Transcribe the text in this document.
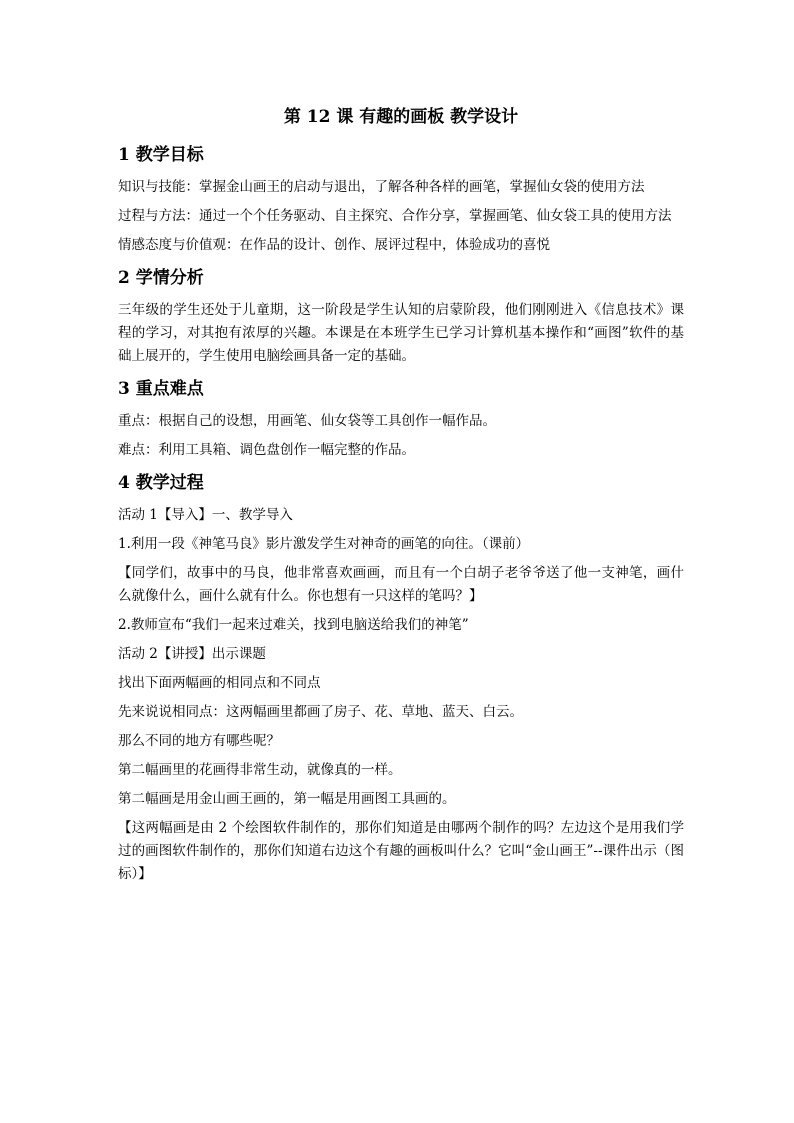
第 12 课 有趣的画板 教学设计
1 教学目标

知识与技能：掌握金山画王的启动与退出，了解各种各样的画笔，掌握仙女袋的使用方法

过程与方法：通过一个个任务驱动、自主探究、合作分享，掌握画笔、仙女袋工具的使用方法

情感态度与价值观：在作品的设计、创作、展评过程中，体验成功的喜悦

2 学情分析

三年级的学生还处于儿童期，这一阶段是学生认知的启蒙阶段，他们刚刚进入《信息技术》课程的学习，对其抱有浓厚的兴趣。本课是在本班学生已学习计算机基本操作和“画图”软件的基础上展开的，学生使用电脑绘画具备一定的基础。

3 重点难点

重点：根据自己的设想，用画笔、仙女袋等工具创作一幅作品。

难点：利用工具箱、调色盘创作一幅完整的作品。

4 教学过程

活动 1【导入】一、教学导入

1.利用一段《神笔马良》影片激发学生对神奇的画笔的向往。（课前）

【同学们，故事中的马良，他非常喜欢画画，而且有一个白胡子老爷爷送了他一支神笔，画什么就像什么，画什么就有什么。你也想有一只这样的笔吗？】

2.教师宣布“我们一起来过难关，找到电脑送给我们的神笔”

活动 2【讲授】出示课题

找出下面两幅画的相同点和不同点

先来说说相同点：这两幅画里都画了房子、花、草地、蓝天、白云。

那么不同的地方有哪些呢？

第二幅画里的花画得非常生动，就像真的一样。

第二幅画是用金山画王画的，第一幅是用画图工具画的。

【这两幅画是由 2 个绘图软件制作的，那你们知道是由哪两个制作的吗？左边这个是用我们学过的画图软件制作的，那你们知道右边这个有趣的画板叫什么？它叫“金山画王”--课件出示（图标）】
